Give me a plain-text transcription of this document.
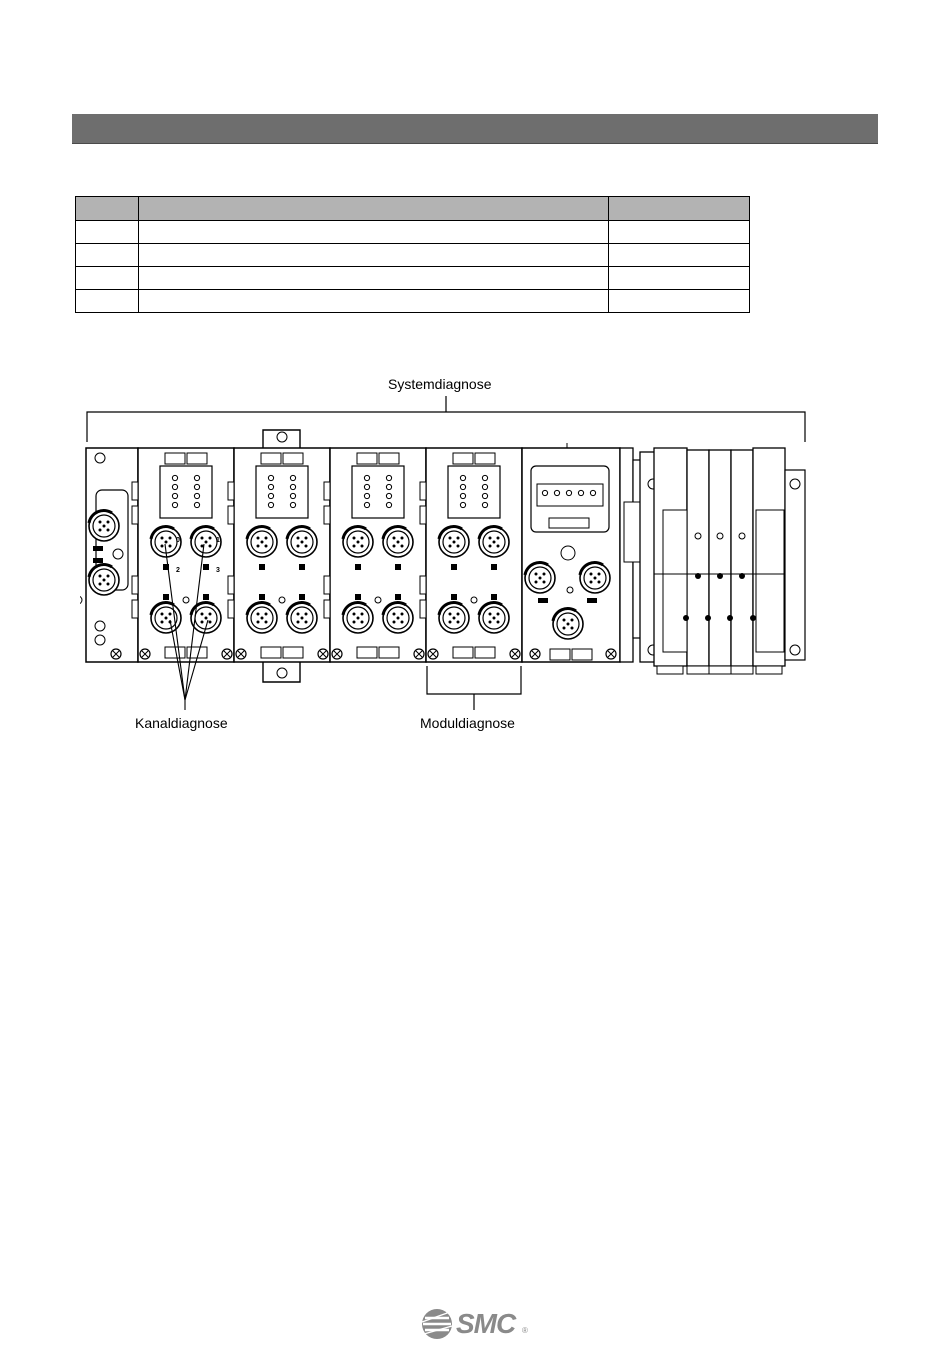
Systemdiagnose
Kanaldiagnose	Moduldiagnose
0	1
2	3
SMC ®
